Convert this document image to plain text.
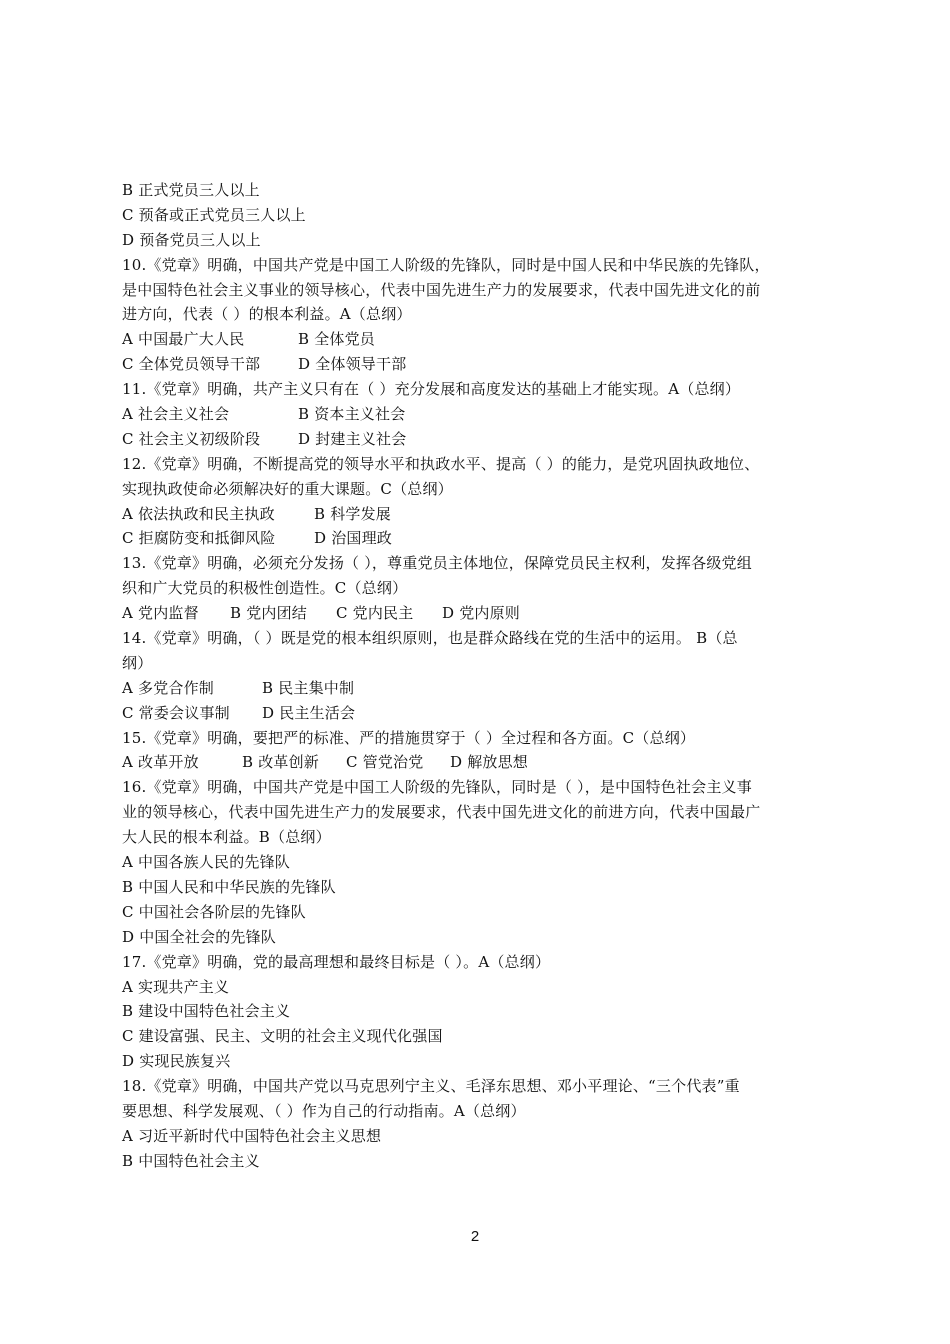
B 正式党员三人以上
C 预备或正式党员三人以上
D 预备党员三人以上
10.《党章》明确，中国共产党是中国工人阶级的先锋队，同时是中国人民和中华民族的先锋队，
是中国特色社会主义事业的领导核心，代表中国先进生产力的发展要求，代表中国先进文化的前
进方向，代表（ ）的根本利益。A（总纲）
A 中国最广大人民	B 全体党员
C 全体党员领导干部	D 全体领导干部
11.《党章》明确，共产主义只有在（ ）充分发展和高度发达的基础上才能实现。A（总纲）
A 社会主义社会	B 资本主义社会
C 社会主义初级阶段	D 封建主义社会
12.《党章》明确，不断提高党的领导水平和执政水平、提高（ ）的能力，是党巩固执政地位、
实现执政使命必须解决好的重大课题。C（总纲）
A 依法执政和民主执政	B 科学发展
C 拒腐防变和抵御风险	D 治国理政
13.《党章》明确，必须充分发扬（ ），尊重党员主体地位，保障党员民主权利，发挥各级党组
织和广大党员的积极性创造性。C（总纲）
A 党内监督 B 党内团结 C 党内民主 D 党内原则
14.《党章》明确，（ ）既是党的根本组织原则，也是群众路线在党的生活中的运用。 B（总
纲）
A 多党合作制	B 民主集中制
C 常委会议事制 D 民主生活会
15.《党章》明确，要把严的标准、严的措施贯穿于（ ）全过程和各方面。C（总纲）
A 改革开放	B 改革创新 C 管党治党 D 解放思想
16.《党章》明确，中国共产党是中国工人阶级的先锋队，同时是（ ），是中国特色社会主义事
业的领导核心，代表中国先进生产力的发展要求，代表中国先进文化的前进方向，代表中国最广
大人民的根本利益。B（总纲）
A 中国各族人民的先锋队
B 中国人民和中华民族的先锋队
C 中国社会各阶层的先锋队
D 中国全社会的先锋队
17.《党章》明确，党的最高理想和最终目标是（ ）。A（总纲）
A 实现共产主义
B 建设中国特色社会主义
C 建设富强、民主、文明的社会主义现代化强国
D 实现民族复兴
18.《党章》明确，中国共产党以马克思列宁主义、毛泽东思想、邓小平理论、“三个代表”重
要思想、科学发展观、（ ）作为自己的行动指南。A（总纲）
A 习近平新时代中国特色社会主义思想
B 中国特色社会主义
2
